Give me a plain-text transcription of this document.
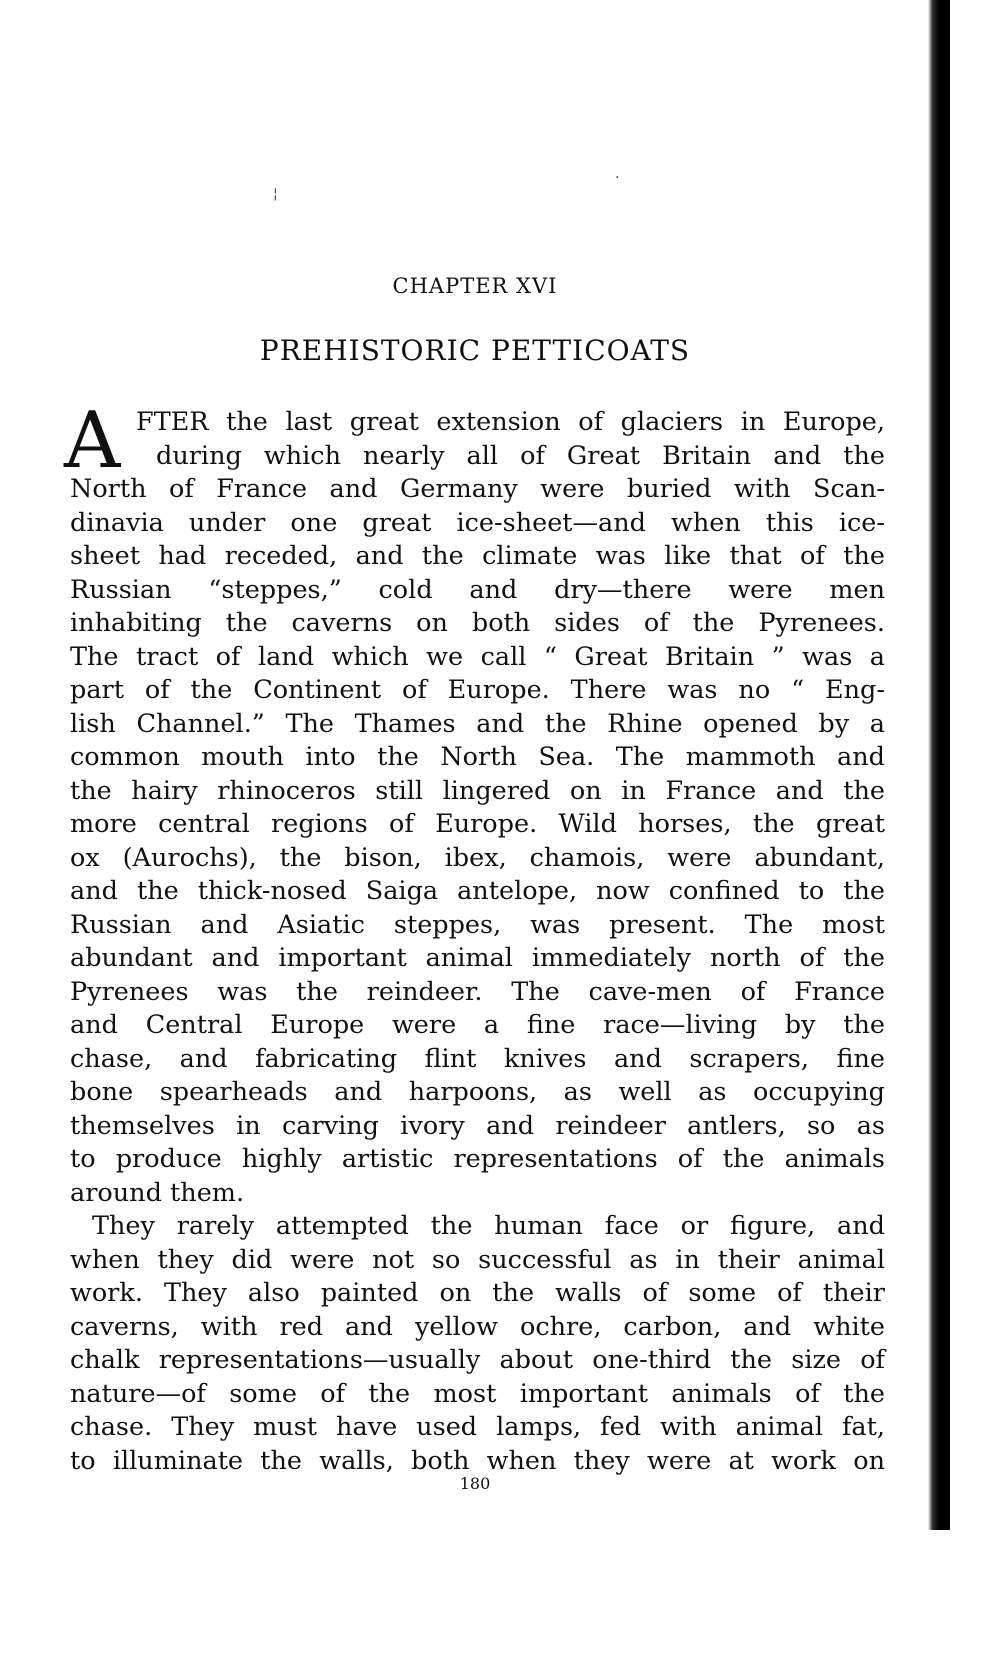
¦
·
CHAPTER XVI
PREHISTORIC PETTICOATS
A FTER the last great extension of glaciers in Europe,
during which nearly all of Great Britain and the
North of France and Germany were buried with Scan-
dinavia under one great ice-sheet—and when this ice-
sheet had receded, and the climate was like that of the
Russian “steppes,” cold and dry—there were men
inhabiting the caverns on both sides of the Pyrenees.
The tract of land which we call “ Great Britain ” was a
part of the Continent of Europe. There was no “ Eng-
lish Channel.” The Thames and the Rhine opened by a
common mouth into the North Sea. The mammoth and
the hairy rhinoceros still lingered on in France and the
more central regions of Europe. Wild horses, the great
ox (Aurochs), the bison, ibex, chamois, were abundant,
and the thick-nosed Saiga antelope, now confined to the
Russian and Asiatic steppes, was present. The most
abundant and important animal immediately north of the
Pyrenees was the reindeer. The cave-men of France
and Central Europe were a fine race—living by the
chase, and fabricating flint knives and scrapers, fine
bone spearheads and harpoons, as well as occupying
themselves in carving ivory and reindeer antlers, so as
to produce highly artistic representations of the animals
around them.
They rarely attempted the human face or figure, and
when they did were not so successful as in their animal
work. They also painted on the walls of some of their
caverns, with red and yellow ochre, carbon, and white
chalk representations—usually about one-third the size of
nature—of some of the most important animals of the
chase. They must have used lamps, fed with animal fat,
to illuminate the walls, both when they were at work on
180
